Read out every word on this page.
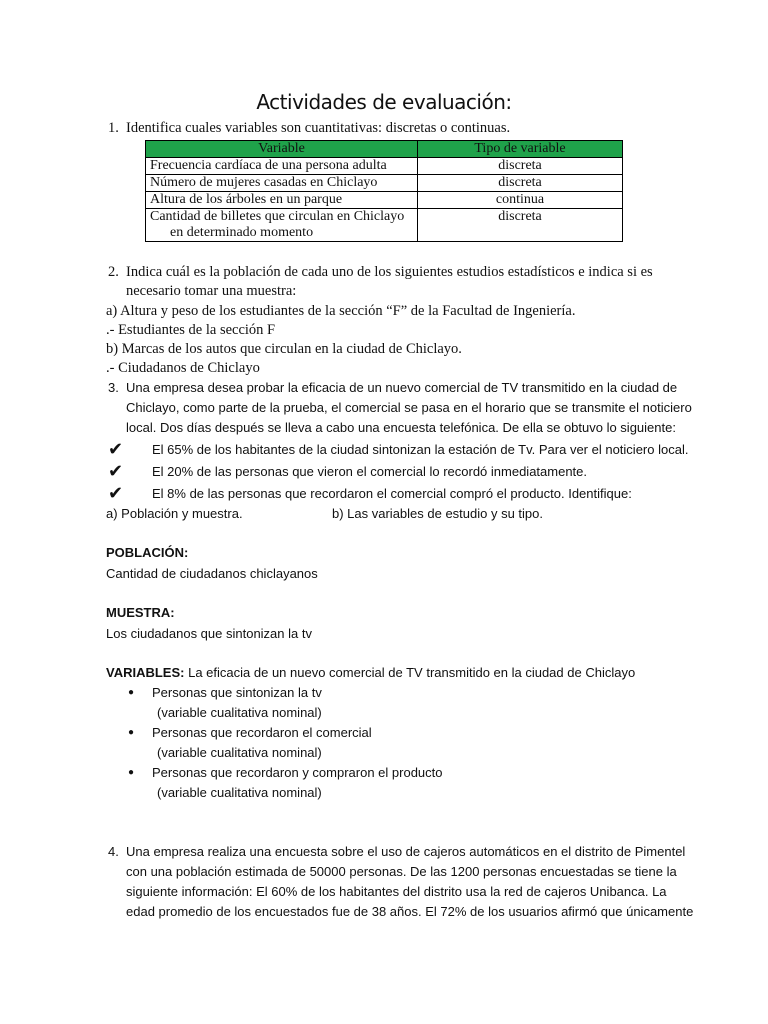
Actividades de evaluación:
1. Identifica cuales variables son cuantitativas: discretas o continuas.
Variable	Tipo de variable
Frecuencia cardíaca de una persona adulta	discreta
Número de mujeres casadas en Chiclayo	discreta
Altura de los árboles en un parque	continua

Cantidad de billetes que circulan en Chiclayo
en determinado momento	discreta
2. Indica cuál es la población de cada uno de los siguientes estudios estadísticos e indica si es
necesario tomar una muestra:
a) Altura y peso de los estudiantes de la sección “F” de la Facultad de Ingeniería.
.- Estudiantes de la sección F
b) Marcas de los autos que circulan en la ciudad de Chiclayo.
.- Ciudadanos de Chiclayo
3. Una empresa desea probar la eficacia de un nuevo comercial de TV transmitido en la ciudad de
Chiclayo, como parte de la prueba, el comercial se pasa en el horario que se transmite el noticiero
local. Dos días después se lleva a cabo una encuesta telefónica. De ella se obtuvo lo siguiente:
✔ El 65% de los habitantes de la ciudad sintonizan la estación de Tv. Para ver el noticiero local.
✔ El 20% de las personas que vieron el comercial lo recordó inmediatamente.
✔ El 8% de las personas que recordaron el comercial compró el producto. Identifique:
a) Población y muestra.	b) Las variables de estudio y su tipo.
POBLACIÓN:
Cantidad de ciudadanos chiclayanos
MUESTRA:
Los ciudadanos que sintonizan la tv
VARIABLES: La eficacia de un nuevo comercial de TV transmitido en la ciudad de Chiclayo
● Personas que sintonizan la tv
(variable cualitativa nominal)
● Personas que recordaron el comercial
(variable cualitativa nominal)
● Personas que recordaron y compraron el producto
(variable cualitativa nominal)
4. Una empresa realiza una encuesta sobre el uso de cajeros automáticos en el distrito de Pimentel
con una población estimada de 50000 personas. De las 1200 personas encuestadas se tiene la
siguiente información: El 60% de los habitantes del distrito usa la red de cajeros Unibanca. La
edad promedio de los encuestados fue de 38 años. El 72% de los usuarios afirmó que únicamente
